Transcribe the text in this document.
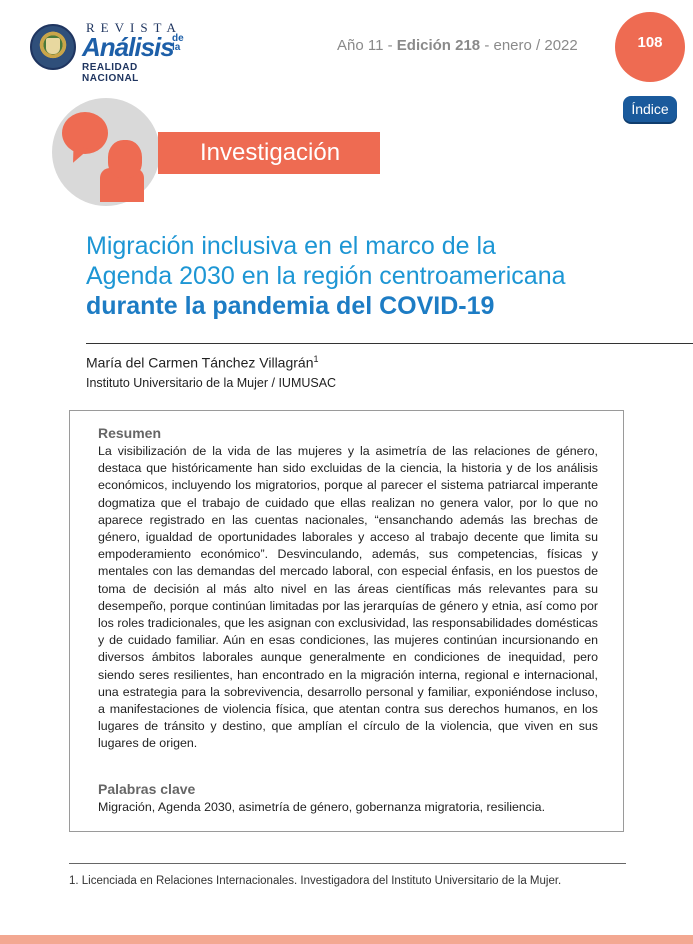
REVISTA
Análisis
de la
REALIDAD NACIONAL
Año 11 - Edición 218 - enero / 2022	108
Índice
Investigación
Migración inclusiva en el marco de la
Agenda 2030 en la región centroamericana
durante la pandemia del COVID-19
María del Carmen Tánchez Villagrán$^1$
Instituto Universitario de la Mujer / IUMUSAC
Resumen
La visibilización de la vida de las mujeres y la asimetría de las relaciones de género, destaca que históricamente han sido excluidas de la ciencia, la historia y de los análisis económicos, incluyendo los migratorios, porque al parecer el sistema patriarcal imperante dogmatiza que el trabajo de cuidado que ellas realizan no genera valor, por lo que no aparece registrado en las cuentas nacionales, “ensanchando además las brechas de género, igualdad de oportunidades laborales y acceso al trabajo decente que limita su empoderamiento económico”. Desvinculando, además, sus competencias, físicas y mentales con las demandas del mercado laboral, con especial énfasis, en los puestos de toma de decisión al más alto nivel en las áreas científicas más relevantes para su desempeño, porque continúan limitadas por las jerarquías de género y etnia, así como por los roles tradicionales, que les asignan con exclusividad, las responsabilidades domésticas y de cuidado familiar. Aún en esas condiciones, las mujeres continúan incursionando en diversos ámbitos laborales aunque generalmente en condiciones de inequidad, pero siendo seres resilientes, han encontrado en la migración interna, regional e internacional, una estrategia para la sobrevivencia, desarrollo personal y familiar, exponiéndose incluso, a manifestaciones de violencia física, que atentan contra sus derechos humanos, en los lugares de tránsito y destino, que amplían el círculo de la violencia, que viven en sus lugares de origen.
Palabras clave
Migración, Agenda 2030, asimetría de género, gobernanza migratoria, resiliencia.
1. Licenciada en Relaciones Internacionales. Investigadora del Instituto Universitario de la Mujer.
